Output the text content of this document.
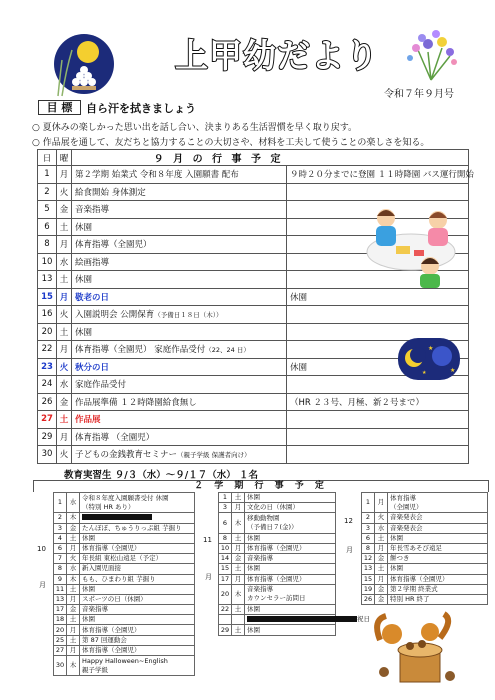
上甲幼だより
令和７年９月号
目 標	自ら汗を拭きましょう
○ 夏休みの楽しかった思い出を話し合い、決まりある生活習慣を早く取り戻す。
○ 作品展を通して、友だちと協力することの大切さや、材料を工夫して使うことの楽しさを知る。
日	曜	９ 月 の 行 事 予 定	
1	月	第２学期 始業式 令和８年度 入園願書 配布	９時２０分までに登園 １１時降園 バス運行開始
2	火	給食開始 身体測定	
5	金	音楽指導	
6	土	休園	
8	月	体育指導（全園児）	
10	水	絵画指導	
13	土	休園	
15	月	敬老の日	休園
16	火	入園説明会 公開保育（予備日１８日（木））	
20	土	休園	
22	月	体育指導（全園児） 家庭作品受付（22、24 日）	
23	火	秋分の日	休園
24	水	家庭作品受付	
26	金	作品展準備 １２時降園給食無し	（HR ２３号、月極、新２号まで）
27	土	作品展	
29	月	体育指導 （全園児）	
30	火	子どもの金銭教育セミナー（親子学級 保護者向け）	
★
★
★
教育実習生 ９/３（水）～９/１７（水） １名
２ 学 期 行 事 予 定
10
月
1	水	令和８年度入園願書受付 休園
（特別 HR あり）
2	木	
3	金	たんぼぼ、ちゅうりっぷ組 芋掘り
4	土	休園
6	月	体育指導（全園児）
7	火	年長組 東松山遠足（予定）
8	水	新入園児面接
9	木	もも、ひまわり組 芋掘り
11	土	休園
13	月	スポーツの日（休園）
17	金	音楽指導
18	土	休園
20	月	体育指導（全園児）
25	土	第 87 回運動会
27	月	体育指導（全園児）
30	木	Happy Halloween~English
親子学級
11
月
1	土	休園
3	月	文化の日（休園）
6	木	移動動物園
（予備日７(金)）
8	土	休園
10	月	体育指導（全園児）
14	金	音楽指導
15	土	休園
17	月	体育指導（全園児）
20	木	音楽指導
カウンセラー訪問日
22	土	休園
		祝日
29	土	休園
12
月
1	月	体育指導
（全園児）
2	火	音楽発表会
3	水	音楽発表会
6	土	休園
8	月	年長雪あそび遠足
12	金	餅つき
13	土	休園
15	月	体育指導（全園児）
19	金	第２学期 終業式
26	金	特別 HR 終了
